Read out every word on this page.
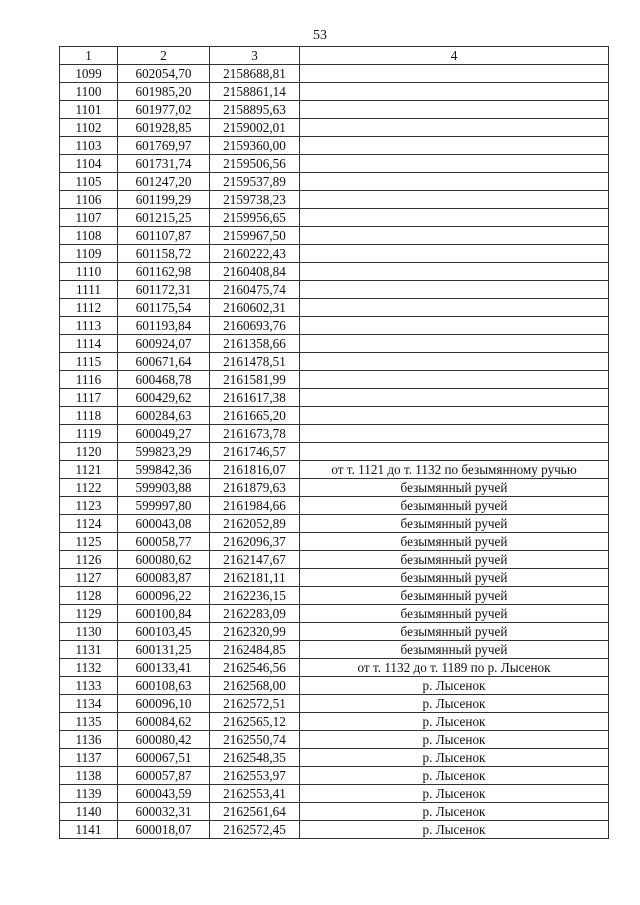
53
1	2	3	4
1099	602054,70	2158688,81	
1100	601985,20	2158861,14	
1101	601977,02	2158895,63	
1102	601928,85	2159002,01	
1103	601769,97	2159360,00	
1104	601731,74	2159506,56	
1105	601247,20	2159537,89	
1106	601199,29	2159738,23	
1107	601215,25	2159956,65	
1108	601107,87	2159967,50	
1109	601158,72	2160222,43	
1110	601162,98	2160408,84	
1111	601172,31	2160475,74	
1112	601175,54	2160602,31	
1113	601193,84	2160693,76	
1114	600924,07	2161358,66	
1115	600671,64	2161478,51	
1116	600468,78	2161581,99	
1117	600429,62	2161617,38	
1118	600284,63	2161665,20	
1119	600049,27	2161673,78	
1120	599823,29	2161746,57	
1121	599842,36	2161816,07	от т. 1121 до т. 1132 по безымянному ручью
1122	599903,88	2161879,63	безымянный ручей
1123	599997,80	2161984,66	безымянный ручей
1124	600043,08	2162052,89	безымянный ручей
1125	600058,77	2162096,37	безымянный ручей
1126	600080,62	2162147,67	безымянный ручей
1127	600083,87	2162181,11	безымянный ручей
1128	600096,22	2162236,15	безымянный ручей
1129	600100,84	2162283,09	безымянный ручей
1130	600103,45	2162320,99	безымянный ручей
1131	600131,25	2162484,85	безымянный ручей
1132	600133,41	2162546,56	от т. 1132 до т. 1189 по р. Лысенок
1133	600108,63	2162568,00	р. Лысенок
1134	600096,10	2162572,51	р. Лысенок
1135	600084,62	2162565,12	р. Лысенок
1136	600080,42	2162550,74	р. Лысенок
1137	600067,51	2162548,35	р. Лысенок
1138	600057,87	2162553,97	р. Лысенок
1139	600043,59	2162553,41	р. Лысенок
1140	600032,31	2162561,64	р. Лысенок
1141	600018,07	2162572,45	р. Лысенок
